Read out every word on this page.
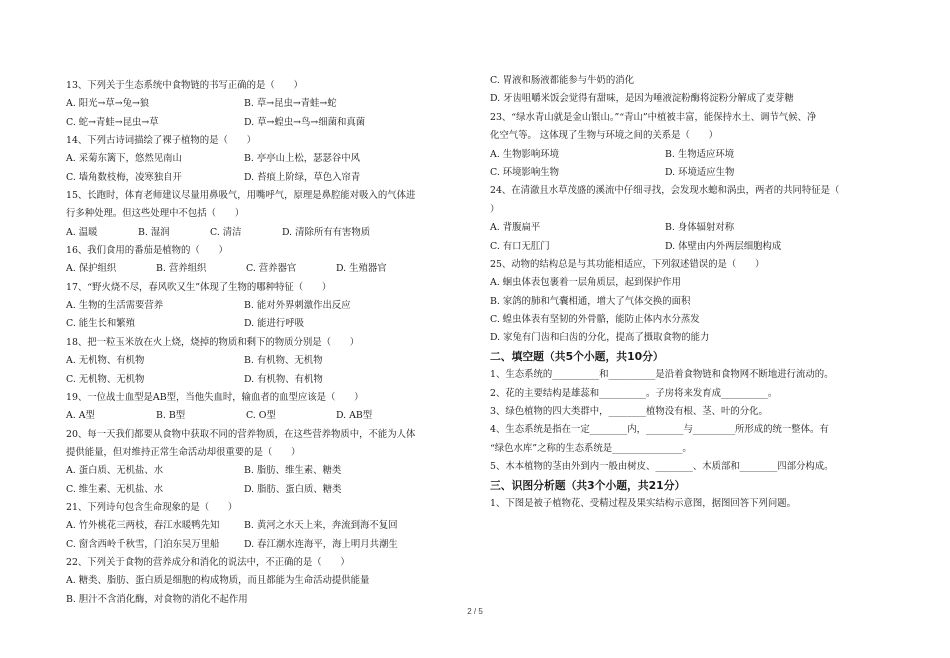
13、下列关于生态系统中食物链的书写正确的是（　　）
A. 阳光→草→兔→狼	B. 草→昆虫→青蛙→蛇
C. 蛇→青蛙→昆虫→草	D. 草→蝗虫→鸟→细菌和真菌
14、下列古诗词描绘了裸子植物的是（　　）
A. 采菊东篱下，悠然见南山	B. 亭亭山上松，瑟瑟谷中风
C. 墙角数枝梅，凌寒独自开	D. 苔痕上阶绿，草色入帘青
15、长跑时，体育老师建议尽量用鼻吸气，用嘴呼气，原理是鼻腔能对吸入的气体进
行多种处理。但这些处理中不包括（　　）
A. 温暖	B. 湿润	C. 清洁	D. 清除所有有害物质
16、我们食用的番茄是植物的（　　）
A. 保护组织	B. 营养组织	C. 营养器官	D. 生殖器官
17、“野火烧不尽，春风吹又生”体现了生物的哪种特征（　　）
A. 生物的生活需要营养	B. 能对外界刺激作出反应
C. 能生长和繁殖	D. 能进行呼吸
18、把一粒玉米放在火上烧，烧掉的物质和剩下的物质分别是（　　）
A. 无机物、有机物	B. 有机物、无机物
C. 无机物、无机物	D. 有机物、有机物
19、一位战士血型是AB型，当他失血时，输血者的血型应该是（　　）
A. A型	B. B型	C. O型	D. AB型
20、每一天我们都要从食物中获取不同的营养物质，在这些营养物质中，不能为人体
提供能量，但对维持正常生命活动却很重要的是（　　）
A. 蛋白质、无机盐、水	B. 脂肪、维生素、糖类
C. 维生素、无机盐、水	D. 脂肪、蛋白质、糖类
21、下列诗句包含生命现象的是（　　）
A. 竹外桃花三两枝，春江水暖鸭先知	B. 黄河之水天上来，奔流到海不复回
C. 窗含西岭千秋雪，门泊东吴万里船	D. 春江潮水连海平，海上明月共潮生
22、下列关于食物的营养成分和消化的说法中，不正确的是（　　）
A. 糖类、脂肪、蛋白质是细胞的构成物质，而且都能为生命活动提供能量
B. 胆汁不含消化酶，对食物的消化不起作用
C. 胃液和肠液都能参与牛奶的消化
D. 牙齿咀嚼米饭会觉得有甜味，是因为唾液淀粉酶将淀粉分解成了麦芽糖
23、“绿水青山就是金山银山。”“青山”中植被丰富，能保持水土、调节气候、净
化空气等。 这体现了生物与环境之间的关系是（　　）
A. 生物影响环境	B. 生物适应环境
C. 环境影响生物	D. 环境适应生物
24、在清澈且水草茂盛的溪流中仔细寻找，会发现水螅和涡虫，两者的共同特征是（
）
A. 背腹扁平	B. 身体辐射对称
C. 有口无肛门	D. 体壁由内外两层细胞构成
25、动物的结构总是与其功能相适应，下列叙述错误的是（　　）
A. 蛔虫体表包裹着一层角质层，起到保护作用
B. 家鸽的肺和气囊相通，增大了气体交换的面积
C. 蝗虫体表有坚韧的外骨骼，能防止体内水分蒸发
D. 家兔有门齿和臼齿的分化，提高了摄取食物的能力
二、填空题（共5个小题，共10分）
1、生态系统的__________和__________是沿着食物链和食物网不断地进行流动的。
2、花的主要结构是雄蕊和__________。子房将来发育成__________。
3、绿色植物的四大类群中，________植物没有根、茎、叶的分化。
4、生态系统是指在一定________内，________与_________所形成的统一整体。有
“绿色水库”之称的生态系统是_______________。
5、木本植物的茎由外到内一般由树皮、________、木质部和________四部分构成。
三、识图分析题（共3个小题，共21分）
1、下图是被子植物花、受精过程及果实结构示意图，据图回答下列问题。
2 / 5
